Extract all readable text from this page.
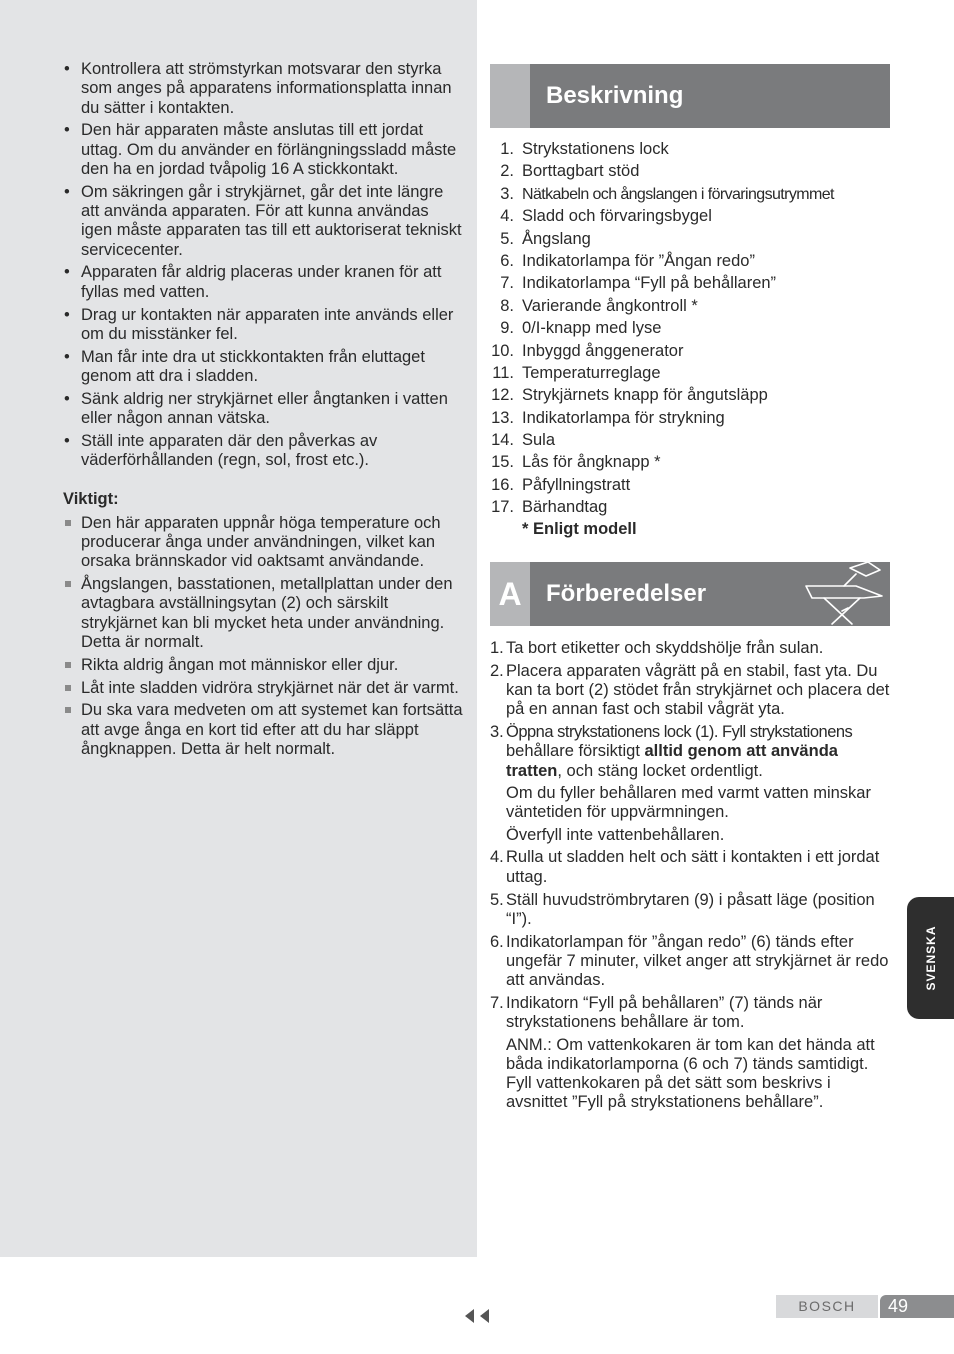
• Kontrollera att strömstyrkan motsvarar den styrka som anges på apparatens informationsplatta innan du sätter i kontakten.
• Den här apparaten måste anslutas till ett jordat uttag. Om du använder en förlängningssladd måste den ha en jordad tvåpolig 16 A stickkontakt.
• Om säkringen går i strykjärnet, går det inte längre att använda apparaten. För att kunna användas igen måste apparaten tas till ett auktoriserat tekniskt servicecenter.
• Apparaten får aldrig placeras under kranen för att fyllas med vatten.
• Drag ur kontakten när apparaten inte används eller om du misstänker fel.
• Man får inte dra ut stickkontakten från eluttaget genom att dra i sladden.
• Sänk aldrig ner strykjärnet eller ångtanken i vatten eller någon annan vätska.
• Ställ inte apparaten där den påverkas av väderförhållanden (regn, sol, frost etc.).
Viktigt:
Den här apparaten uppnår höga temperature och producerar ånga under användningen, vilket kan orsaka brännskador vid oaktsamt användande.
Ångslangen, basstationen, metallplattan under den avtagbara avställningsytan (2) och särskilt strykjärnet kan bli mycket heta under användning. Detta är normalt.
Rikta aldrig ångan mot människor eller djur.
Låt inte sladden vidröra strykjärnet när det är varmt.
Du ska vara medveten om att systemet kan fortsätta att avge ånga en kort tid efter att du har släppt ångknappen. Detta är helt normalt.
Beskrivning
1. Strykstationens lock
2. Borttagbart stöd
3. Nätkabeln och ångslangen i förvaringsutrymmet
4. Sladd och förvaringsbygel
5. Ångslang
6. Indikatorlampa för ”Ångan redo”
7. Indikatorlampa “Fyll på behållaren”
8. Varierande ångkontroll *
9. 0/I-knapp med lyse
10. Inbyggd ånggenerator
11. Temperaturreglage
12. Strykjärnets knapp för ångutsläpp
13. Indikatorlampa för strykning
14. Sula
15. Lås för ångknapp *
16. Påfyllningstratt
17. Bärhandtag
* Enligt modell
A	Förberedelser
1. Ta bort etiketter och skyddshölje från sulan.
2. Placera apparaten vågrätt på en stabil, fast yta. Du kan ta bort (2) stödet från strykjärnet och placera det på en annan fast och stabil vågrät yta.
3. Öppna strykstationens lock (1). Fyll strykstationens behållare försiktigt alltid genom att använda tratten, och stäng locket ordentligt.
Om du fyller behållaren med varmt vatten minskar väntetiden för uppvärmningen.
Överfyll inte vattenbehållaren.
4. Rulla ut sladden helt och sätt i kontakten i ett jordat uttag.
5. Ställ huvudströmbrytaren (9) i påsatt läge (position “I”).
6. Indikatorlampan för ”ångan redo” (6) tänds efter ungefär 7 minuter, vilket anger att strykjärnet är redo att användas.
7. Indikatorn “Fyll på behållaren” (7) tänds när strykstationens behållare är tom.
ANM.: Om vattenkokaren är tom kan det hända att båda indikatorlamporna (6 och 7) tänds samtidigt. Fyll vattenkokaren på det sätt som beskrivs i avsnittet ”Fyll på strykstationens behållare”.
SVENSKA
BOSCH	49
